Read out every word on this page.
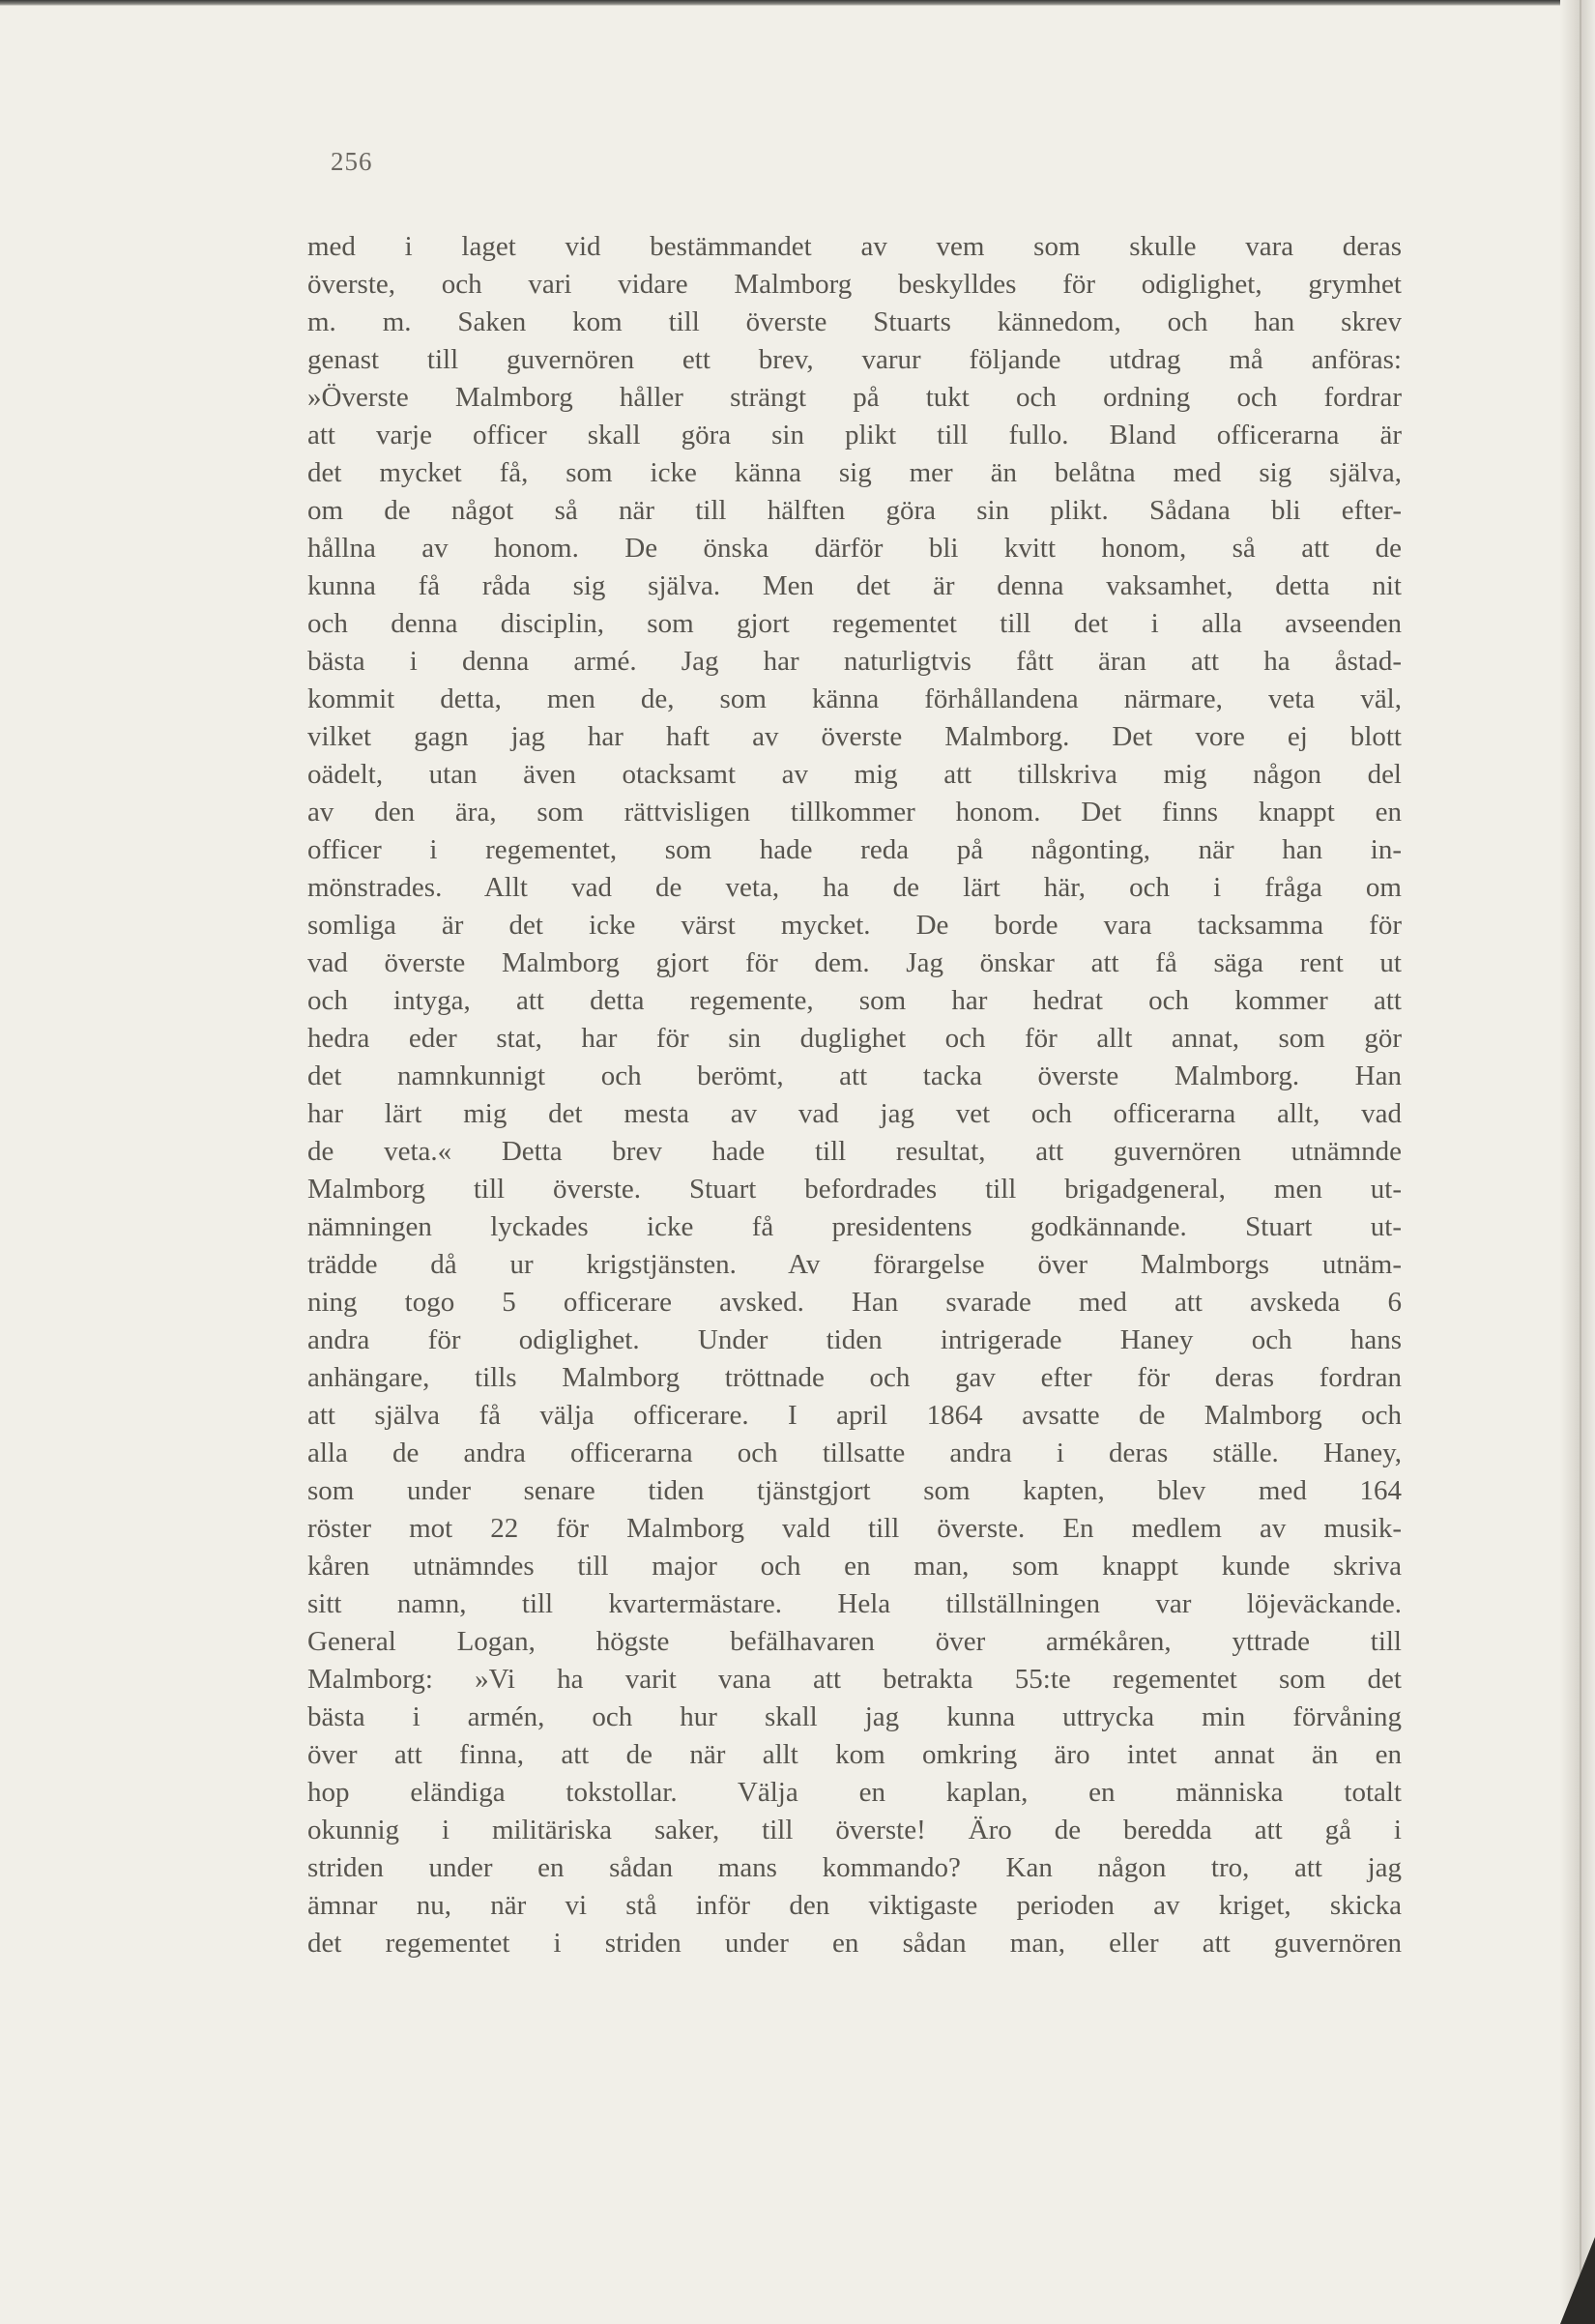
256
med i laget vid bestämmandet av vem som skulle vara deras
överste, och vari vidare Malmborg beskylldes för odiglighet, grymhet
m. m. Saken kom till överste Stuarts kännedom, och han skrev
genast till guvernören ett brev, varur följande utdrag må anföras:
»Överste Malmborg håller strängt på tukt och ordning och fordrar
att varje officer skall göra sin plikt till fullo. Bland officerarna är
det mycket få, som icke känna sig mer än belåtna med sig själva,
om de något så när till hälften göra sin plikt. Sådana bli efter-
hållna av honom. De önska därför bli kvitt honom, så att de
kunna få råda sig själva. Men det är denna vaksamhet, detta nit
och denna disciplin, som gjort regementet till det i alla avseenden
bästa i denna armé. Jag har naturligtvis fått äran att ha åstad-
kommit detta, men de, som känna förhållandena närmare, veta väl,
vilket gagn jag har haft av överste Malmborg. Det vore ej blott
oädelt, utan även otacksamt av mig att tillskriva mig någon del
av den ära, som rättvisligen tillkommer honom. Det finns knappt en
officer i regementet, som hade reda på någonting, när han in-
mönstrades. Allt vad de veta, ha de lärt här, och i fråga om
somliga är det icke värst mycket. De borde vara tacksamma för
vad överste Malmborg gjort för dem. Jag önskar att få säga rent ut
och intyga, att detta regemente, som har hedrat och kommer att
hedra eder stat, har för sin duglighet och för allt annat, som gör
det namnkunnigt och berömt, att tacka överste Malmborg. Han
har lärt mig det mesta av vad jag vet och officerarna allt, vad
de veta.« Detta brev hade till resultat, att guvernören utnämnde
Malmborg till överste. Stuart befordrades till brigadgeneral, men ut-
nämningen lyckades icke få presidentens godkännande. Stuart ut-
trädde då ur krigstjänsten. Av förargelse över Malmborgs utnäm-
ning togo 5 officerare avsked. Han svarade med att avskeda 6
andra för odiglighet. Under tiden intrigerade Haney och hans
anhängare, tills Malmborg tröttnade och gav efter för deras fordran
att själva få välja officerare. I april 1864 avsatte de Malmborg och
alla de andra officerarna och tillsatte andra i deras ställe. Haney,
som under senare tiden tjänstgjort som kapten, blev med 164
röster mot 22 för Malmborg vald till överste. En medlem av musik-
kåren utnämndes till major och en man, som knappt kunde skriva
sitt namn, till kvartermästare. Hela tillställningen var löjeväckande.
General Logan, högste befälhavaren över armékåren, yttrade till
Malmborg: »Vi ha varit vana att betrakta 55:te regementet som det
bästa i armén, och hur skall jag kunna uttrycka min förvåning
över att finna, att de när allt kom omkring äro intet annat än en
hop eländiga tokstollar. Välja en kaplan, en människa totalt
okunnig i militäriska saker, till överste! Äro de beredda att gå i
striden under en sådan mans kommando? Kan någon tro, att jag
ämnar nu, när vi stå inför den viktigaste perioden av kriget, skicka
det regementet i striden under en sådan man, eller att guvernören
